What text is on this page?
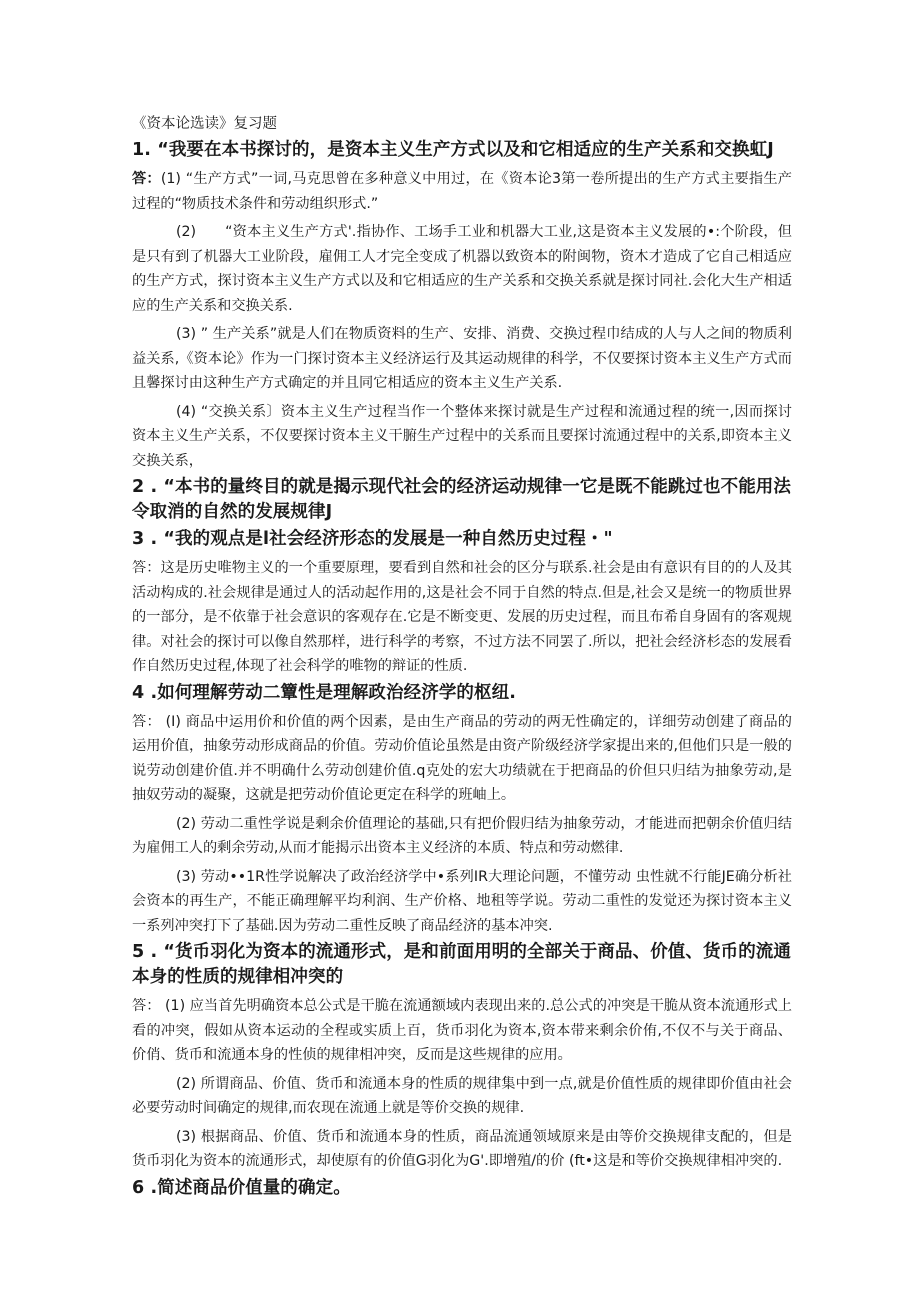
《资本论选读》复习题

1. “我要在本书探讨的，是资本主义生产方式以及和它相适应的生产关系和交换虹J

答：(1) “生产方式”一词,马克思曾在多种意义中用过，在《资本论3第一卷所提出的生产方式主要指生产过程的“物质技术条件和劳动组织形式.”

(2)　　“资本主义生产方式'.指协作、工场手工业和机器大工业,这是资本主义发展的•:个阶段，但是只有到了机器大工业阶段，雇佣工人才完全变成了机器以致资本的附闽物，资木才造成了它自己相适应的生产方式，探讨资本主义生产方式以及和它相适应的生产关系和交换关系就是探讨同社.会化大生产相适应的生产关系和交换关系.

(3) ” 生产关系”就是人们在物质资料的生产、安排、消费、交换过程巾结成的人与人之间的物质利益关系,《资本论》作为一门探讨资本主义经济运行及其运动规律的科学，不仅要探讨资本主义生产方式而且馨探讨由这种生产方式确定的并且同它相适应的资本主义生产关系.

(4) “交换关系〕资本主义生产过程当作一个整体来探讨就是生产过程和流通过程的统一,因而探讨资本主义生产关系，不仅要探讨资本主义干腑生产过程中的关系而且要探讨流通过程中的关系,即资本主义交换关系，

2 . “本书的量终目的就是揭示现代社会的经济运动规律一它是既不能跳过也不能用法令取消的自然的发展规律J

3 . “我的观点是l社会经济形态的发展是一种自然历史过程・"

答：这是历史唯物主义的一个重要原理，要看到自然和社会的区分与联系.社会是由有意识有目的的人及其活动构成的.社会规律是通过人的活动起作用的,这是社会不同于自然的特点.但是,社会又是统一的物质世界的一部分，是不依靠于社会意识的客观存在.它是不断变更、发展的历史过程，而且布希自身固有的客观规律。对社会的探讨可以像自然那样，进行科学的考察，不过方法不同罢了.所以，把社会经济杉态的发展看作自然历史过程,体现了社会科学的唯物的辩证的性质.

4 .如何理解劳动二簟性是理解政治经济学的枢纽.

答： (I) 商品中运用价和价值的两个因素，是由生产商品的劳动的两无性确定的，详细劳动创建了商品的运用价值，抽象劳动形成商品的价值。劳动价值论虽然是由资产阶级经济学家提出来的,但他们只是一般的说劳动创建价值.并不明确什么劳动创建价值.q克处的宏大功绩就在于把商品的价但只归结为抽象劳动,是抽奴劳动的凝聚，这就是把劳动价值论更定在科学的班岫上。

(2) 劳动二重性学说是剩余价值理论的基础,只有把价假归结为抽象劳动，才能进而把朝余价值归结为雇佣工人的剩余劳动,从而才能揭示出资本主义经济的本质、特点和劳动燃律.

(3) 劳动••1R性学说解决了政治经济学中•系列IR大理论问题，不懂劳动 虫性就不行能JE确分析社会资本的再生产，不能正确理解平均利润、生产价格、地租等学说。劳动二重性的发觉还为探讨资本主义一系列冲突打下了基础.因为劳动二重性反映了商品经济的基本冲突.

5 . “货币羽化为资本的流通形式，是和前面用明的全部关于商品、价值、货币的流通本身的性质的规律相冲突的

答： (1) 应当首先明确资本总公式是干脆在流通额域内表现出来的.总公式的冲突是干脆从资本流通形式上看的冲突，假如从资本运动的全程或实质上百，货币羽化为资本,资本带来剩余价侑,不仅不与关于商品、价俏、货币和流通本身的性侦的规律相冲突，反而是这些规律的应用。

(2) 所谓商品、价值、货币和流通本身的性质的规律集中到一点,就是价值性质的规律即价值由社会必要劳动时间确定的规律,而农现在流通上就是等价交换的规律.

(3) 根据商品、价值、货币和流通本身的性质，商品流通领域原来是由等价交换规律支配的，但是货币羽化为资本的流通形式，却使原有的价值G羽化为G'.即增殖/的价 (ft•这是和等价交换规律相冲突的.

6 .简述商品价值量的确定。
